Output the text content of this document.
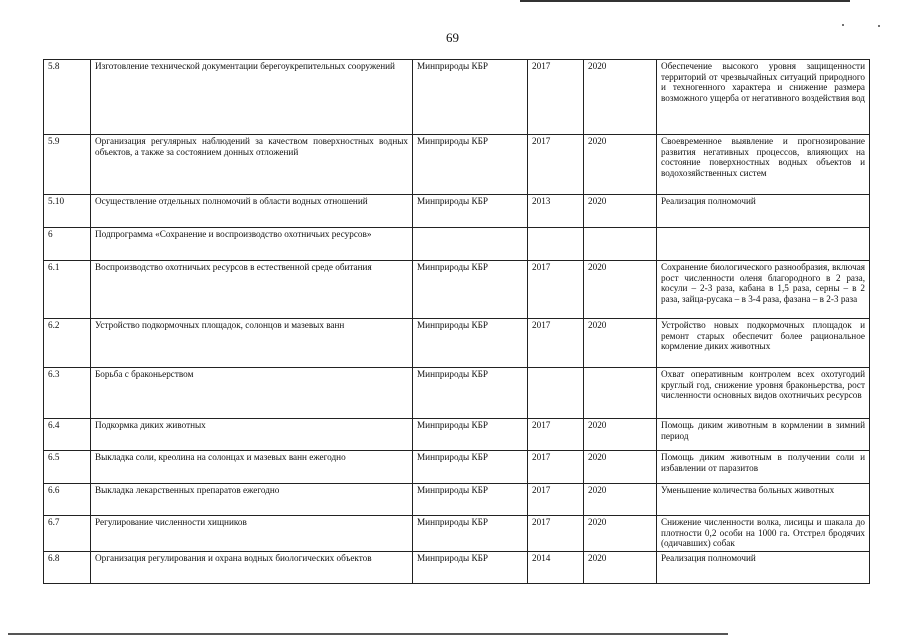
69
5.8	Изготовление технической документации берегоукрепительных сооружений	Минприроды КБР	2017	2020	Обеспечение высокого уровня защищенности территорий от чрезвычайных ситуаций природного и техногенного характера и снижение размера возможного ущерба от негативного воздействия вод
5.9	Организация регулярных наблюдений за качеством поверхностных водных объектов, а также за состоянием донных отложений	Минприроды КБР	2017	2020	Своевременное выявление и прогнозирование развития негативных процессов, влияющих на состояние поверхностных водных объектов и водохозяйственных систем
5.10	Осуществление отдельных полномочий в области водных отношений	Минприроды КБР	2013	2020	Реализация полномочий
6	Подпрограмма «Сохранение и воспроизводство охотничьих ресурсов»				
6.1	Воспроизводство охотничьих ресурсов в естественной среде обитания	Минприроды КБР	2017	2020	Сохранение биологического разнообразия, включая рост численности оленя благородного в 2 раза, косули – 2-3 раза, кабана в 1,5 раза, серны – в 2 раза, зайца-русака – в 3-4 раза, фазана – в 2-3 раза
6.2	Устройство подкормочных площадок, солонцов и мазевых ванн	Минприроды КБР	2017	2020	Устройство новых подкормочных площадок и ремонт старых обеспечит более рациональное кормление диких животных
6.3	Борьба с браконьерством	Минприроды КБР			Охват оперативным контролем всех охотугодий круглый год, снижение уровня браконьерства, рост численности основных видов охотничьих ресурсов
6.4	Подкормка диких животных	Минприроды КБР	2017	2020	Помощь диким животным в кормлении в зимний период
6.5	Выкладка соли, креолина на солонцах и мазевых ванн ежегодно	Минприроды КБР	2017	2020	Помощь диким животным в получении соли и избавлении от паразитов
6.6	Выкладка лекарственных препаратов ежегодно	Минприроды КБР	2017	2020	Уменьшение количества больных животных
6.7	Регулирование численности хищников	Минприроды КБР	2017	2020	Снижение численности волка, лисицы и шакала до плотности 0,2 особи на 1000 га. Отстрел бродячих (одичавших) собак
6.8	Организация регулирования и охрана водных биологических объектов	Минприроды КБР	2014	2020	Реализация полномочий
